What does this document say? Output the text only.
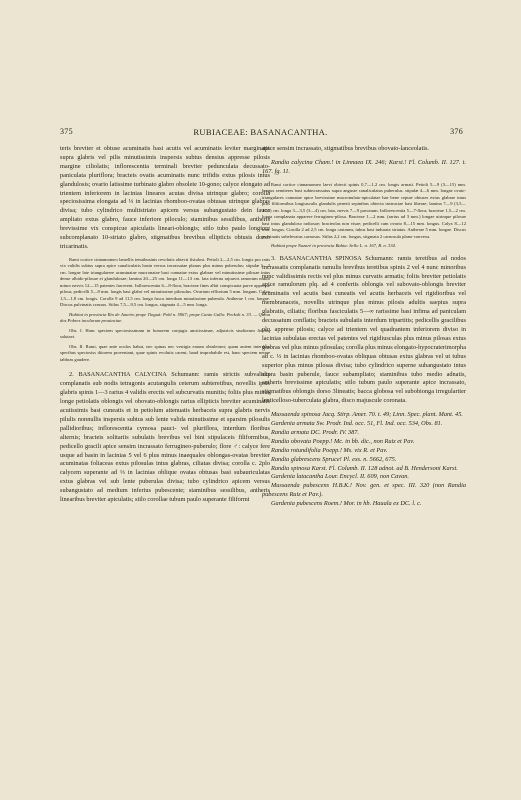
375	RUBIACEAE: BASANACANTHA.	376

teris breviter et obtuse acuminatis basi acutis vel acuminatis leviter marginatis supra glabris vel pilis minutissimis inspersis subtus densius appresse pilosis margine ciliolatis; inflorescentia terminali breviter pedunculata decussato-paniculata pluriflora; bracteis ovatis acuminatis nunc trifidis extus pilosis intus glandulosis; ovario latissime turbinato glabro obsolete 10-gono; calyce elongato ad trientem inferiorem in lacinias lineares acutas divisa utrinque glabro; corolla speciosissima elongata ad ⅓ in lacinias rhomboo-ovatas obtusas utrinque glabras divisa; tubo cylindrico multistriato apicem versus subangustato dein fauce ampliato extus glabro, fauce inferiore piloculo; staminibus sessilibus, antheris brevissime vix conspicue apiculatis lineari-oblongis; stilo tubo paulo longiore subcomplanato 10-striato glabro, stigmatibus brevibus ellipticis obtusis dorso tricarinatis.

Rami cortice cinnamomeo lamellis tenuibusinis revolutis obtecti fistulosi. Petioli 2—2,5 cm. longis pro ratis vix validis subtus supra apice canaliculatis basin versus incrassatae planus plus minus puberulus; stipulæ 1—2 cm. longae late triangularere acuminatae mucronatae basi connatae extus glabrae vel minutissime pilosae intus dense albido-pilosae et glandulosae; lamina 20—25 cm. longa 11—13 cm. lata inferna rajuuvis ramorum multo minor nervis 12—15 patentes farcerent. Inflorescentia 6—8-flora; bracteae fines albii conspicuata parve appresse pilosa; pedicelli 5—8 mm. longis basi glabri vel minutissime pilosulus. Ovarium efflorium 5 mm. longum. Calyx 1,5—1,8 cm. longis. Corolla 9 ad 11,5 cm. longa fusca interdum minutissime puberula. Antherae 1 cm. longae. Discus pulvinatis crassus. Stilus 7,5—9,5 cm. longus, stigmata 4—5 mm. longa.

Habitat in provincia Rio de Janeiro prope Tinguá: Pohl n. 5967; prope Canto Gallo: Peckolt n. 33. — Quina dos Pobres incolarum prouinciae.

Obs. I. Hanc speciem speciosissimam in honorem conjugis amicissimae, adjutricis studiorum fidelis, salutavi.

Obs. II. Rami, quae ante oculos habui, nec spinas nec vestigia earum obtulerunt; quam autem interdum specibus speciosiss diiorem proveniant, quae spinis evolutis carent, haud improbabile est, hanc speciem neque tabbras gaudere.

2. BASANACANTHA CALYCINA Schumann: ramis strictis subvalidis complanatis sub nodis tetragonis acutangulis ceterum subteretibus, novellis ipsis glabris spinis 1—3 rarius 4 validis erectis vel subcurvatis munitis; foliis plus minus longe petiolatis oblongis vel obovato-oblongis rarius ellipticis breviter acuminatis acutissimis basi cuneatis et in petiolum attenuatis herbaceis supra glabris nervis pilulis nonnullis inspersis subtus sub lente valida minutissime et sparsim pilosulis pallidioribus; inflorescentia cymosa pauci- vel pluriflora, interdum floribus alternis; bracteis solitariis subulatis brevibus vel bini stipulaceis filiformibus, pedicello gracili apice sensim incrassato ferrugineo-puberulo; flore ♂: calyce fere usque ad basin in lacinias 5 vel 6 plus minus inaequales oblongas-ovatas breviter acuminatas foliaceas extus pilosulas intus glabras, ciliatas divisa; corolla c. 2plo calycem superante ad ⅓ in lacinias oblique ovatas obtusas basi subauriculatas extus glabras vel sub lente puberulas divisa; tubo cylindrico apicem versus subangustato ad medium inferius pubescente; staminibus sessilibus, antheris linearibus breviter apiculatis; stilo corollae tubum paulo superante filiformi

apice sensim incrassato, stigmatibus brevibus obovato-lanceolatis.

Randia calycina Cham.! in Linnaea IX. 246; Karst.! Fl. Columb. II. 127. t. 167. fg. 11.

Rami cortice cinnamomeo laevi obtecti spinis 0,7—1,2 cm. longis armati. Petioli 5—9 (3—15) mm. longus semiteres basi subincrassatus supra anguste canaliculatus puberulus. stipulæ 4—6 mm. longae ovato-triangulares connatae apice brevissime mucronulato-apiculatae hae bene ceptae obtuses extus glabrae intus pilis filiformibus longiusculis glandulis penetit sepinibus obtecta instructae basi liberae; lamina 7—9 (3,5—10,5) cm. longa 3—3,5 (3—4) cm. lata, nervis 7—9 pavonum. Inflorescentia 5—7-flora; bracteae 1,5—2 cm. longa complanata apparere ferrugineo-pilosa. Bracteae 1—2 mm. (rarius ad 3 mm.) longae utrinque pilosae basi intus glanduloso radiosae; bracteolas non visae; pedicelli cum ovario 8—15 mm. longus. Calyx 8—12 mm. longus. Corolla 2 ad 2,5 cm. longa castanea, tubus basi indurata striatus. Antherae 5 mm. longae. Discus pulvinatis subelevatus carnosus. Stilus 2,2 cm. longus, stigmata 2 carnosula plano-convexa.

Habitat prope Nazaré in provincia Bahia: Sello L. n. 167, B. n. 334.

3. BASANACANTHA SPINOSA Schumann: ramis teretibus ad nodos incrassatis complanatis ramulis brevibus teretibus spinis 2 vel 4 nunc minoribus nunc validissimis rectis vel plus minus curvatis armatis; foliis breviter petiolatis apice ramulorum plq. ad 4 confertis oblongis vel subovato-oblongis breviter acuminatis vel acutis basi cuneatis vel acutis herbaceis vel rigidioribus vel membranaceis, novellis utrinque plus minus pilosis adultis saepius supra glabratis, ciliatis; floribus fasciculatis 5—∞ rarissime basi infima ad paniculam decussatum conflatis; bracteis subulatis interdum tripartitis; pedicellis gracilibus plq. apprese pilosis; calyce ad trientem vel quadrantem inferiorem diviso in lacinias subulatas erectas vel patentes vel rigidiusculas plus minus pilosas extus glabras vel plus minus pilosulas; corolla plus minus elongato-hypocraterimorpha ad c. ⅓ in lacinias rhomboo-ovatas obliquas obtusas extus glabras vel ut tubus superior plus minus pilosas divisa; tubo cylindrico superne subangustato intus supra basin puberule, fauce subampliato; staminibus tubo medio adnatis, antheris brevissime apiculatis; stilo tubum paulo superante apice incrassato, stigmatibus oblongis dorso 3lineatis; bacca globosa vel subobionga irregulariter lenticelloso-tuberculata glabra, disco majuscule coronata.

Mussaenda spinosa Jacq. Stirp. Amer. 70. t. 49; Linn. Spec. plant. Mant. 45.

Gardenia armata Sw. Prodr. Ind. occ. 51, Fl. Ind. occ. 534, Obs. 81.

Randia armata DC. Prodr. IV. 387.

Randia obovata Poepp.! Mc. in bb. dic., non Ruiz et Pav.

Randia rotundifolia Poepp.! Ms. vix R. et Pav.

Randia glabrescens Spruce! Pl. exs. n. 5662, 675.

Randia spinosa Karst. Fl. Columb. II. 128 adnot. ad B. Hendersoni Karst.

Gardenia latacantha Lour. Encycl. II. 609, non Cavan.

Mussaenda pubescens H.B.K.! Nov. gen. et spec. III. 320 (non Randia pubescens Ruiz et Pav.).

Gardenia pubescens Roem.! Mor. in hb. Hauala ex DC. l. c.
